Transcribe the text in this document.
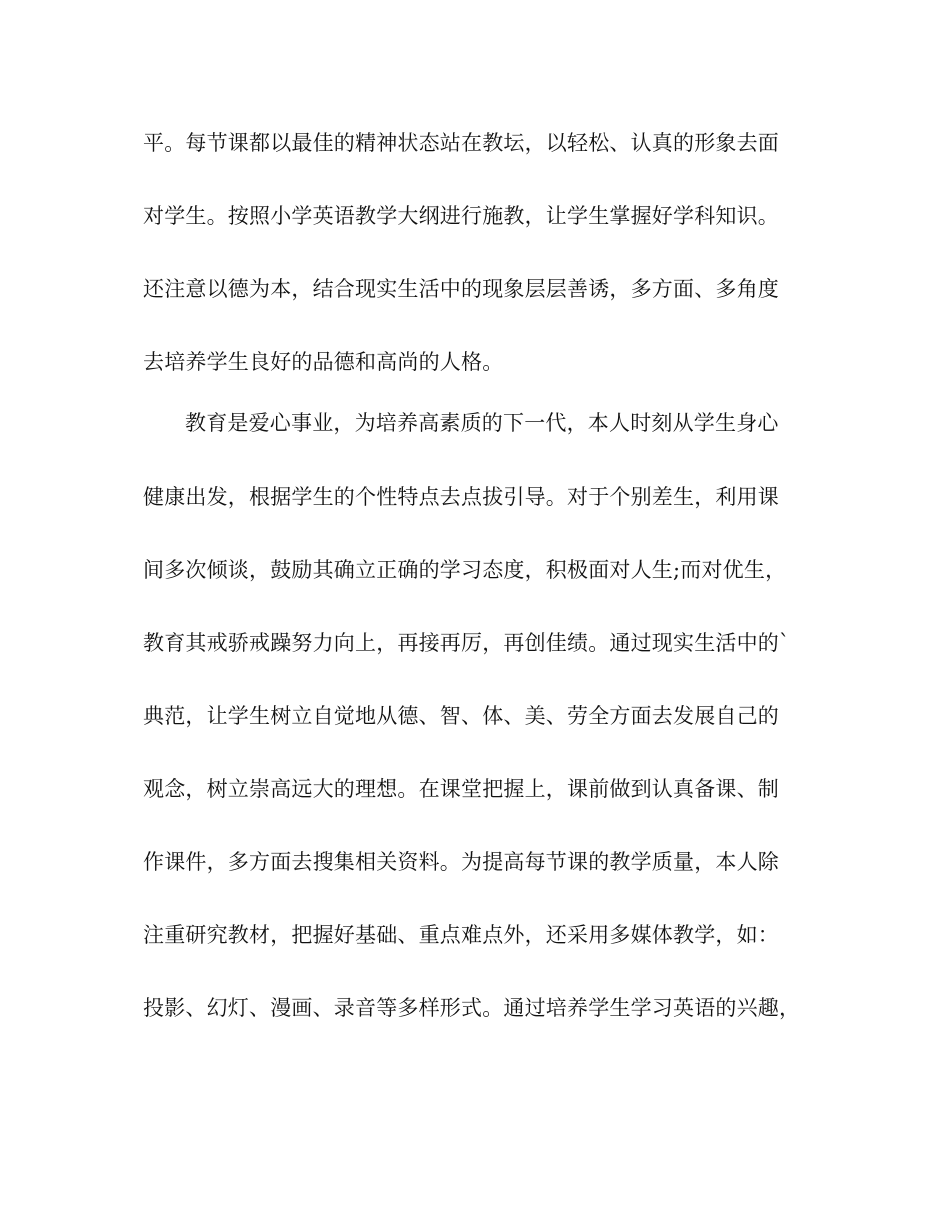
平。每节课都以最佳的精神状态站在教坛，以轻松、认真的形象去面
对学生。按照小学英语教学大纲进行施教，让学生掌握好学科知识。
还注意以德为本，结合现实生活中的现象层层善诱，多方面、多角度
去培养学生良好的品德和高尚的人格。
教育是爱心事业，为培养高素质的下一代，本人时刻从学生身心
健康出发，根据学生的个性特点去点拔引导。对于个别差生，利用课
间多次倾谈，鼓励其确立正确的学习态度，积极面对人生;而对优生，
教育其戒骄戒躁努力向上，再接再厉，再创佳绩。通过现实生活中的`
典范，让学生树立自觉地从德、智、体、美、劳全方面去发展自己的
观念，树立崇高远大的理想。在课堂把握上，课前做到认真备课、制
作课件，多方面去搜集相关资料。为提高每节课的教学质量，本人除
注重研究教材，把握好基础、重点难点外，还采用多媒体教学，如：
投影、幻灯、漫画、录音等多样形式。通过培养学生学习英语的兴趣，
